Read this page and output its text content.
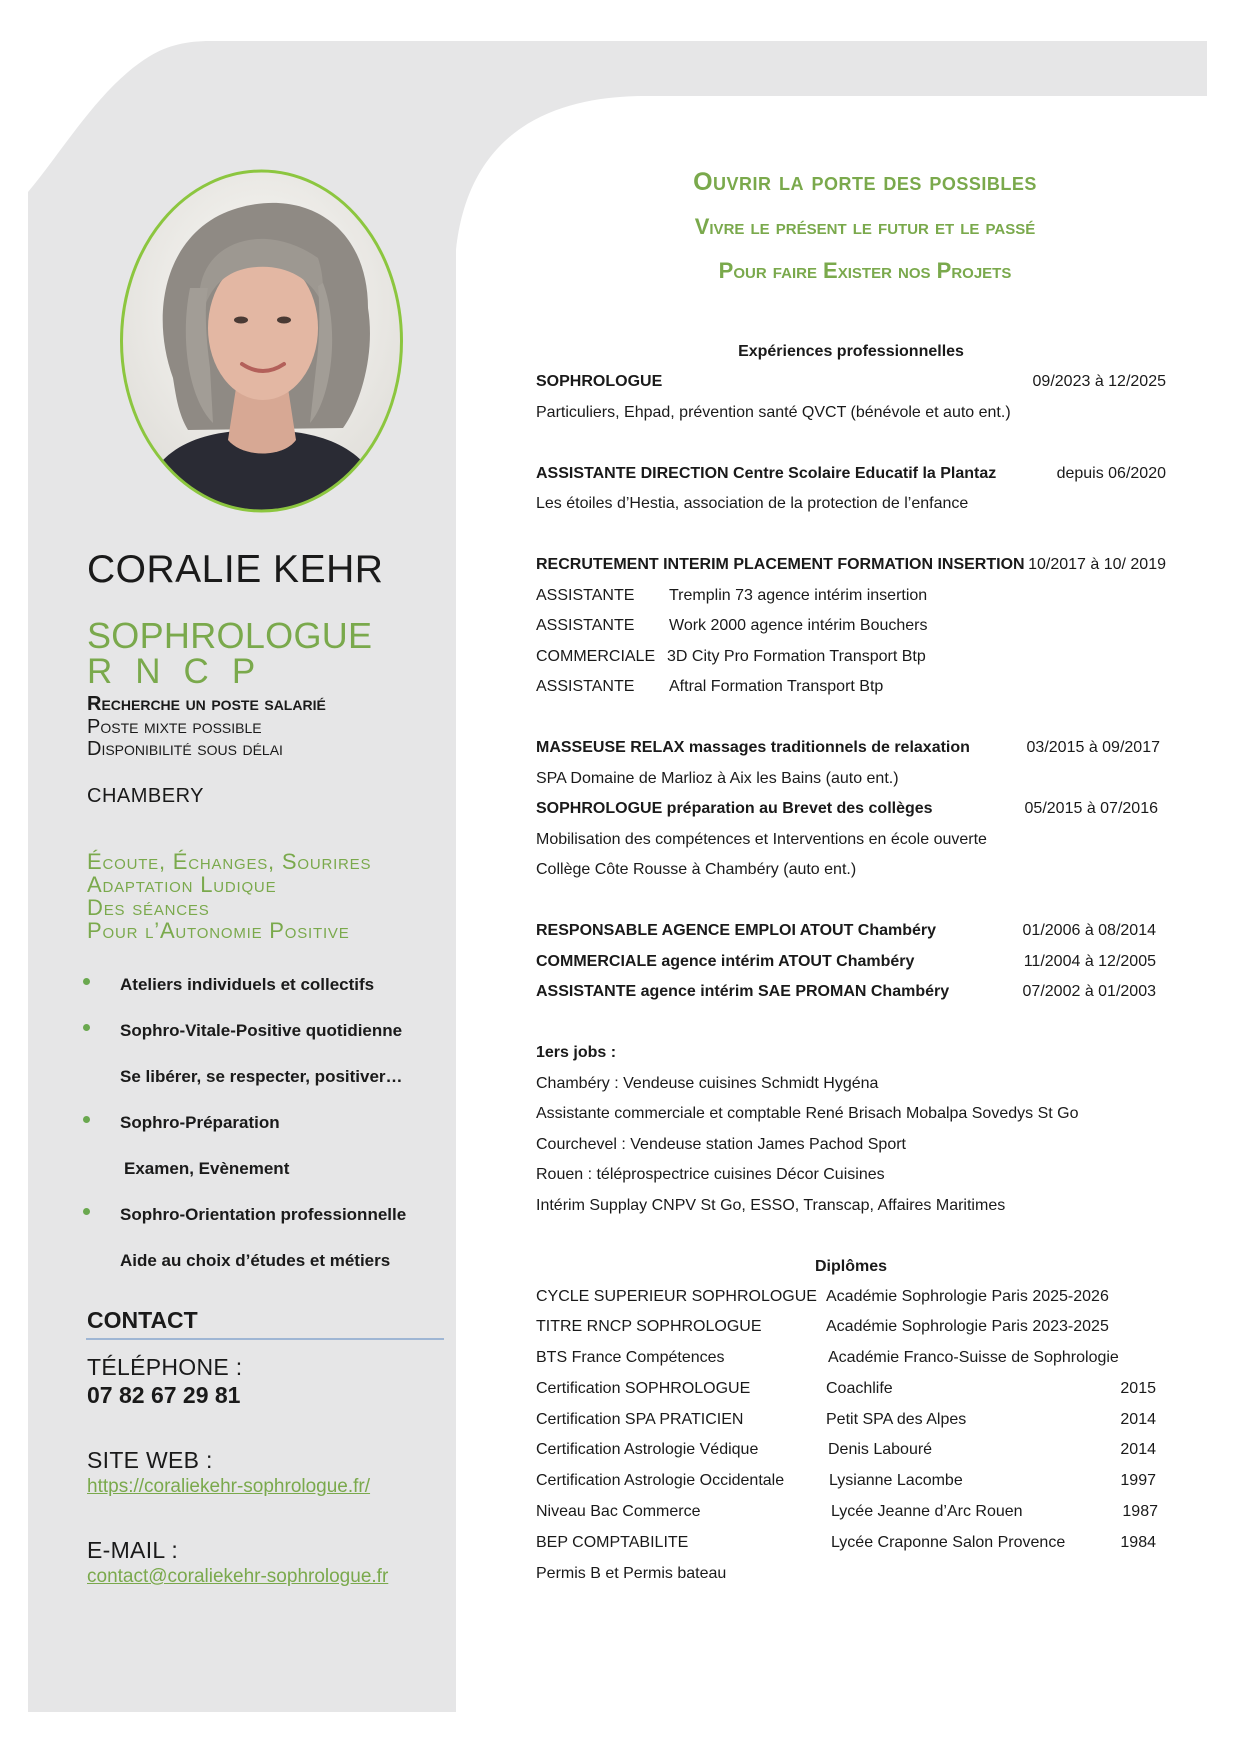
CORALIE KEHR
SOPHROLOGUE
RNCP
Recherche un poste salarié
Poste mixte possible
Disponibilité sous délai
CHAMBERY
Écoute, Échanges, Sourires
Adaptation Ludique
Des séances
Pour l’Autonomie Positive
Ateliers individuels et collectifs
Sophro-Vitale-Positive quotidienne
Se libérer, se respecter, positiver…
Sophro-Préparation
Examen, Evènement
Sophro-Orientation professionnelle
Aide au choix d’études et métiers
CONTACT
TÉLÉPHONE :
07 82 67 29 81
SITE WEB :
https://coraliekehr-sophrologue.fr/
E-MAIL :
contact@coraliekehr-sophrologue.fr
Ouvrir la porte des possibles
Vivre le présent le futur et le passé
Pour faire Exister nos Projets
Expériences professionnelles
SOPHROLOGUE	09/2023 à 12/2025
Particuliers, Ehpad, prévention santé QVCT (bénévole et auto ent.)
ASSISTANTE DIRECTION Centre Scolaire Educatif la Plantaz	depuis 06/2020
Les étoiles d’Hestia, association de la protection de l’enfance
RECRUTEMENT INTERIM PLACEMENT FORMATION INSERTION 10/2017 à 10/ 2019
ASSISTANTE Tremplin 73 agence intérim insertion
ASSISTANTE Work 2000 agence intérim Bouchers
COMMERCIALE 3D City Pro Formation Transport Btp
ASSISTANTE Aftral Formation Transport Btp
MASSEUSE RELAX massages traditionnels de relaxation	03/2015 à 09/2017
SPA Domaine de Marlioz à Aix les Bains (auto ent.)
SOPHROLOGUE préparation au Brevet des collèges	05/2015 à 07/2016
Mobilisation des compétences et Interventions en école ouverte
Collège Côte Rousse à Chambéry (auto ent.)
RESPONSABLE AGENCE EMPLOI ATOUT Chambéry	01/2006 à 08/2014
COMMERCIALE agence intérim ATOUT Chambéry	11/2004 à 12/2005
ASSISTANTE agence intérim SAE PROMAN Chambéry	07/2002 à 01/2003
1ers jobs :
Chambéry : Vendeuse cuisines Schmidt Hygéna
Assistante commerciale et comptable René Brisach Mobalpa Sovedys St Go
Courchevel : Vendeuse station James Pachod Sport
Rouen : téléprospectrice cuisines Décor Cuisines
Intérim Supplay CNPV St Go, ESSO, Transcap, Affaires Maritimes
Diplômes
CYCLE SUPERIEUR SOPHROLOGUE Académie Sophrologie Paris 2025-2026
TITRE RNCP SOPHROLOGUE	Académie Sophrologie Paris 2023-2025
BTS France Compétences	Académie Franco-Suisse de Sophrologie
Certification SOPHROLOGUE	Coachlife	2015
Certification SPA PRATICIEN	Petit SPA des Alpes	2014
Certification Astrologie Védique	Denis Labouré	2014
Certification Astrologie Occidentale	Lysianne Lacombe	1997
Niveau Bac Commerce	Lycée Jeanne d’Arc Rouen	1987
BEP COMPTABILITE	Lycée Craponne Salon Provence	1984
Permis B et Permis bateau
